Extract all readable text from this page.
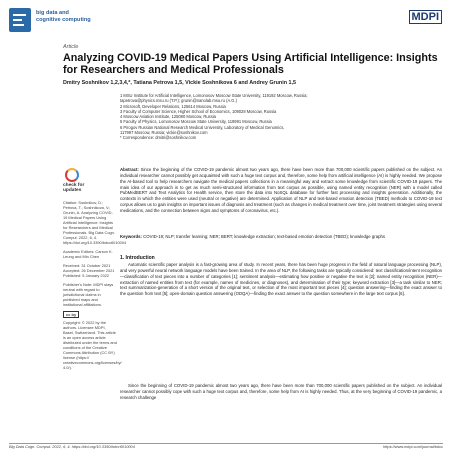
big data and
cognitive computing	MDPI
Article
Analyzing COVID-19 Medical Papers Using Artificial Intelligence: Insights for Researchers and Medical Professionals
Dmitry Soshnikov 1,2,3,4,*, Tatiana Petrova 1,5, Vickie Soshnikova 6 and Andrey Grunin 1,5
1 MSU Institute for Artificial Intelligence, Lomonosov Moscow State University, 119192 Moscow, Russia;
tapetrova@physics.msu.ru (T.P.); grunin@nanolab.msu.ru (A.G.)
2 Microsoft, Developer Relations, 125614 Moscow, Russia
3 Faculty of Computer Science, Higher School of Economics, 109028 Moscow, Russia
4 Moscow Aviation Institute, 125080 Moscow, Russia
5 Faculty of Physics, Lomonosov Moscow State University, 119991 Moscow, Russia
6 Pirogov Russian National Research Medical University, Laboratory of Medical Genomics,
117997 Moscow, Russia; vickie@soshnikov.com
* Correspondence: dmitri@soshnikov.com
Abstract: Since the beginning of the COVID-19 pandemic almost two years ago, there have been more than 700,000 scientific papers published on the subject. An individual researcher cannot possibly get acquainted with such a huge text corpus and, therefore, some help from artificial intelligence (AI) is highly needed. We propose the AI-based tool to help researchers navigate the medical papers collections in a meaningful way and extract some knowledge from scientific COVID-19 papers. The main idea of our approach is to get as much semi-structured information from text corpus as possible, using named entity recognition (NER) with a model called PubMedBERT and Text Analytics for Health service, then store the data into NoSQL database for further fast processing and insights generation. Additionally, the contexts in which the entities were used (neutral or negative) are determined. Application of NLP and text-based emotion detection (TBED) methods to COVID-19 text corpus allows us to gain insights on important issues of diagnosis and treatment (such as changes in medical treatment over time, joint treatment strategies using several medications, and the connection between signs and symptoms of coronavirus, etc.).
Keywords: COVID-19; NLP; transfer learning; NER; BERT; knowledge extraction; text-based emotion detection (TBED); knowledge graphs
1. Introduction
Automatic scientific paper analysis is a fast-growing area of study. In recent years, there has been huge progress in the field of natural language processing (NLP), and very powerful neural network language models have been trained. In the area of NLP, the following tasks are typically considered: text classification/intent recognition—classification of text pieces into a number of categories [1]; sentiment analysis—estimating how positive or negative the text is [2]; named entity recognition (NER)—extraction of named entities from text (for example, names of medicines, or diagnoses), and determination of their type; keyword extraction [3]—a task similar to NER; text summarization-generation of a short version of the original text, or selection of the most important text pieces [4]; question answering—finding the exact answer to the question from text [5]; open-domain question answering (ODQA)—finding the exact answer to the question somewhere in the large text corpus [6].
Since the beginning of COVID-19 pandemic almost two years ago, there have been more than 700,000 scientific papers published on the subject. An individual researcher cannot possibly cope with such a huge text corpus and, therefore, some help from AI is highly needed. Thus, at the very beginning of COVID-19 pandemic, a research challenge
check for
updates

Citation: Soshnikov, D.; Petrova, T.; Soshnikova, V.; Grunin, A. Analyzing COVID-19 Medical Papers Using Artificial Intelligence: Insights for Researchers and Medical Professionals. Big Data Cogn. Comput. 2022, 6, 4. https://doi.org/10.3390/bdcc6010004

Academic Editors: Carson K. Leung and Min Chen

Received: 31 October 2021
Accepted: 26 December 2021

Published: 5 January 2022

Publisher's Note: MDPI stays neutral with regard to jurisdictional claims in published maps and institutional affiliations.

cc by

Copyright: © 2022 by the authors. Licensee MDPI, Basel, Switzerland. This article is an open access article distributed under the terms and conditions of the Creative Commons Attribution (CC BY) license (https:// creativecommons.org/licenses/by/ 4.0/).

Big Data Cogn. Comput. 2022, 6, 4. https://doi.org/10.3390/bdcc6010004	https://www.mdpi.com/journal/bdcc
